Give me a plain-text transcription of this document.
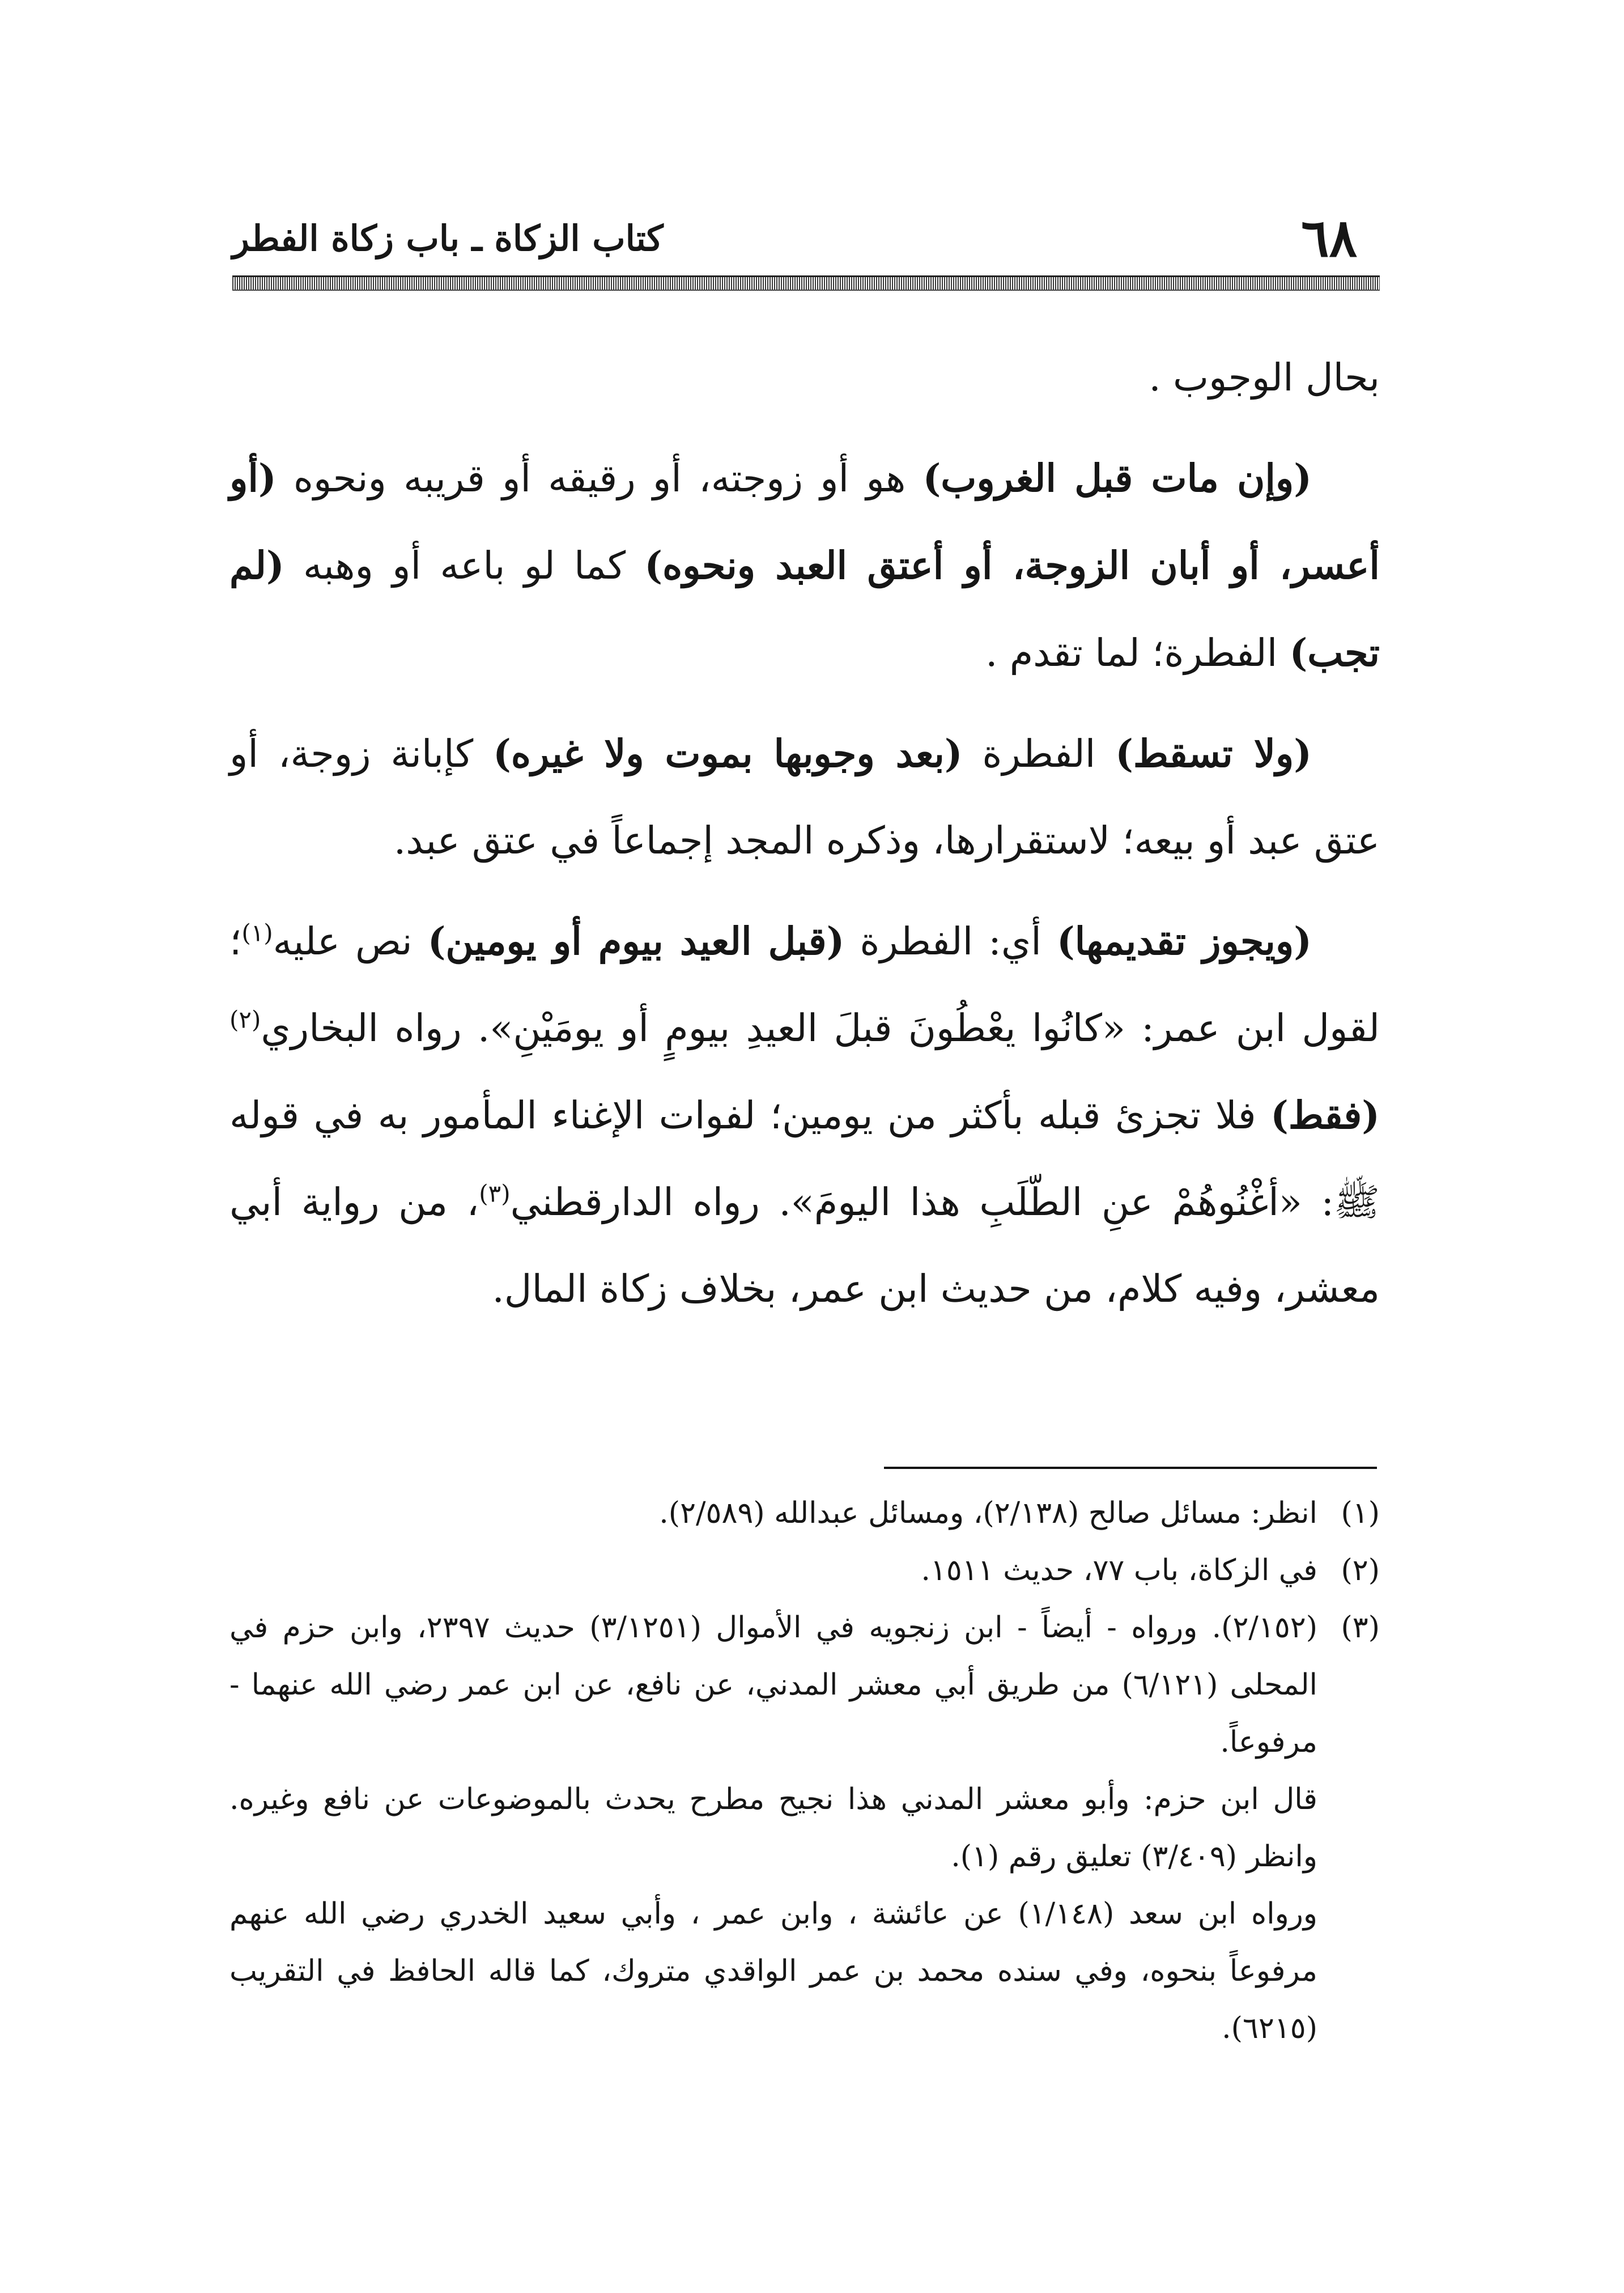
٦٨
كتاب الزكاة ـ باب زكاة الفطر

بحال الوجوب .

(وإن مات قبل الغروب) هو أو زوجته، أو رقيقه أو قريبه ونحوه (أو أعسر، أو أبان الزوجة، أو أعتق العبد ونحوه) كما لو باعه أو وهبه (لم تجب) الفطرة؛ لما تقدم .

(ولا تسقط) الفطرة (بعد وجوبها بموت ولا غيره) كإبانة زوجة، أو عتق عبد أو بيعه؛ لاستقرارها، وذكره المجد إجماعاً في عتق عبد.

(ويجوز تقديمها) أي: الفطرة (قبل العيد بيوم أو يومين) نص عليه$^{(١)}$؛ لقول ابن عمر: «كانُوا يعْطُونَ قبلَ العيدِ بيومٍ أو يومَيْنِ». رواه البخاري$^{(٢)}$ (فقط) فلا تجزئ قبله بأكثر من يومين؛ لفوات الإغناء المأمور به في قوله ﷺ: «أغْنُوهُمْ عنِ الطّلَبِ هذا اليومَ». رواه الدارقطني$^{(٣)}$، من رواية أبي معشر، وفيه كلام، من حديث ابن عمر، بخلاف زكاة المال.

(١)
انظر: مسائل صالح (٢/١٣٨)، ومسائل عبدالله (٢/٥٨٩).
(٢)
في الزكاة، باب ٧٧، حديث ١٥١١.
(٣)
(٢/١٥٢). ورواه - أيضاً - ابن زنجويه في الأموال (٣/١٢٥١) حديث ٢٣٩٧، وابن حزم في المحلى (٦/١٢١) من طريق أبي معشر المدني، عن نافع، عن ابن عمر رضي الله عنهما - مرفوعاً.
قال ابن حزم: وأبو معشر المدني هذا نجيح مطرح يحدث بالموضوعات عن نافع وغيره. وانظر (٣/٤٠٩) تعليق رقم (١).
ورواه ابن سعد (١/١٤٨) عن عائشة ، وابن عمر ، وأبي سعيد الخدري رضي الله عنهم مرفوعاً بنحوه، وفي سنده محمد بن عمر الواقدي متروك، كما قاله الحافظ في التقريب (٦٢١٥).
